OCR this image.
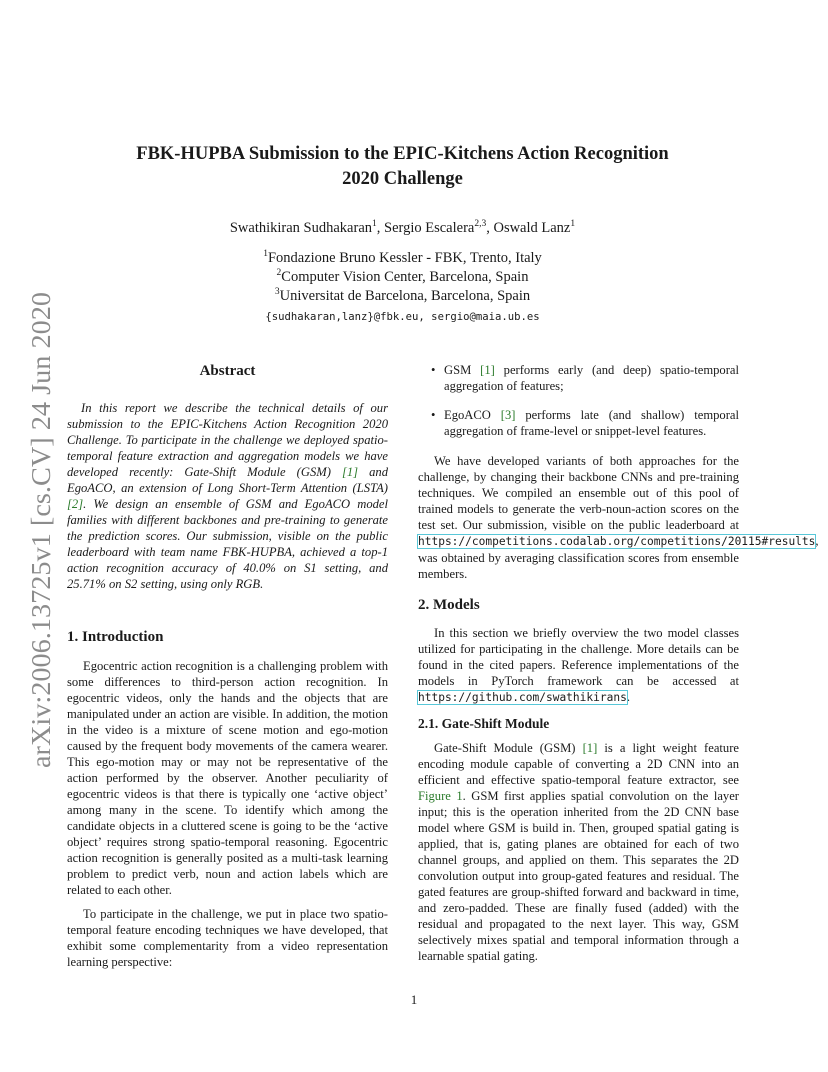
arXiv:2006.13725v1 [cs.CV] 24 Jun 2020
FBK-HUPBA Submission to the EPIC-Kitchens Action Recognition
2020 Challenge
Swathikiran Sudhakaran$^1$, Sergio Escalera$^{2,3}$, Oswald Lanz$^1$
$^1$Fondazione Bruno Kessler - FBK, Trento, Italy
$^2$Computer Vision Center, Barcelona, Spain
$^3$Universitat de Barcelona, Barcelona, Spain
{sudhakaran,lanz}@fbk.eu, sergio@maia.ub.es
Abstract

In this report we describe the technical details of our submission to the EPIC-Kitchens Action Recognition 2020 Challenge. To participate in the challenge we deployed spatio-temporal feature extraction and aggregation models we have developed recently: Gate-Shift Module (GSM) [1] and EgoACO, an extension of Long Short-Term Attention (LSTA) [2]. We design an ensemble of GSM and EgoACO model families with different backbones and pre-training to generate the prediction scores. Our submission, visible on the public leaderboard with team name FBK-HUPBA, achieved a top-1 action recognition accuracy of 40.0% on S1 setting, and 25.71% on S2 setting, using only RGB.

1. Introduction

Egocentric action recognition is a challenging problem with some differences to third-person action recognition. In egocentric videos, only the hands and the objects that are manipulated under an action are visible. In addition, the motion in the video is a mixture of scene motion and ego-motion caused by the frequent body movements of the camera wearer. This ego-motion may or may not be representative of the action performed by the observer. Another peculiarity of egocentric videos is that there is typically one ‘active object’ among many in the scene. To identify which among the candidate objects in a cluttered scene is going to be the ‘active object’ requires strong spatio-temporal reasoning. Egocentric action recognition is generally posited as a multi-task learning problem to predict verb, noun and action labels which are related to each other.

To participate in the challenge, we put in place two spatio-temporal feature encoding techniques we have developed, that exhibit some complementarity from a video representation learning perspective:

• GSM [1] performs early (and deep) spatio-temporal aggregation of features;
• EgoACO [3] performs late (and shallow) temporal aggregation of frame-level or snippet-level features.

We have developed variants of both approaches for the challenge, by changing their backbone CNNs and pre-training techniques. We compiled an ensemble out of this pool of trained models to generate the verb-noun-action scores on the test set. Our submission, visible on the public leaderboard at https://competitions.codalab.org/competitions/20115#results, was obtained by averaging classification scores from ensemble members.

2. Models

In this section we briefly overview the two model classes utilized for participating in the challenge. More details can be found in the cited papers. Reference implementations of the models in PyTorch framework can be accessed at https://github.com/swathikirans.

2.1. Gate-Shift Module

Gate-Shift Module (GSM) [1] is a light weight feature encoding module capable of converting a 2D CNN into an efficient and effective spatio-temporal feature extractor, see Figure 1. GSM first applies spatial convolution on the layer input; this is the operation inherited from the 2D CNN base model where GSM is build in. Then, grouped spatial gating is applied, that is, gating planes are obtained for each of two channel groups, and applied on them. This separates the 2D convolution output into group-gated features and residual. The gated features are group-shifted forward and backward in time, and zero-padded. These are finally fused (added) with the residual and propagated to the next layer. This way, GSM selectively mixes spatial and temporal information through a learnable spatial gating.

1
